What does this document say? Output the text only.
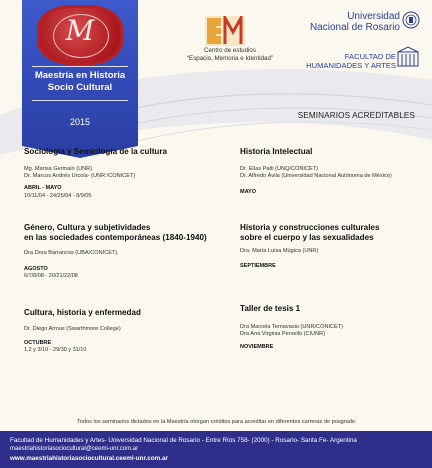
M
Maestría en Historia
Socio Cultural
2015
Centro de estudios
“Espacio, Memoria e Identidad”
Universidad
Nacional de Rosario
FACULTAD DE
HUMANIDADES Y ARTES
SEMINARIOS ACREDITABLES
Sociología y Semiología de la cultura
Mg. Marisa Germain (UNR)
Dr. Marcos Andrés Urcola- (UNR /CONICET)
ABRIL - MAYO
10/11/04 - 24/25/04 - 8/9/05
Historia Intelectual
Dr. Elías Palti (UNQ/CONICET)
Dr. Alfredo Ávila (Universidad Nacional Autónoma de México)
MAYO
Género, Cultura y subjetividades
en las sociedades contemporáneas (1840-1940)
Dra Dora Barrancos (UBA/CONICET)
AGOSTO
6/7/8/08 - 20/21/22/08
Historia y construcciones culturales
sobre el cuerpo y las sexualidades
Dra. María Luisa Múgica (UNR)
SEPTIEMBRE
Cultura, historia y enfermedad
Dr. Diego Armus (Swarthmore College)
OCTUBRE
1,2 y 3/10 - 29/30 y 31/10
Taller de tesis 1
Dra Marcela Ternavasio (UNR/CONICET)
Dra Ana Virginia Persello (CIUNR)
NOVIEMBRE
Todos los seminarios dictados en la Maestría otorgan créditos para acreditar en diferentes carreras de posgrado
Facultad de Humanidades y Artes- Universidad Nacional de Rosario - Entre Ríos 758- (2000) - Rosario- Santa Fe- Argentina
maestriahistoriasociocultural@ceemi-unr.com.ar
www.maestriahistoriasociocultural.ceemi-unr.com.ar
